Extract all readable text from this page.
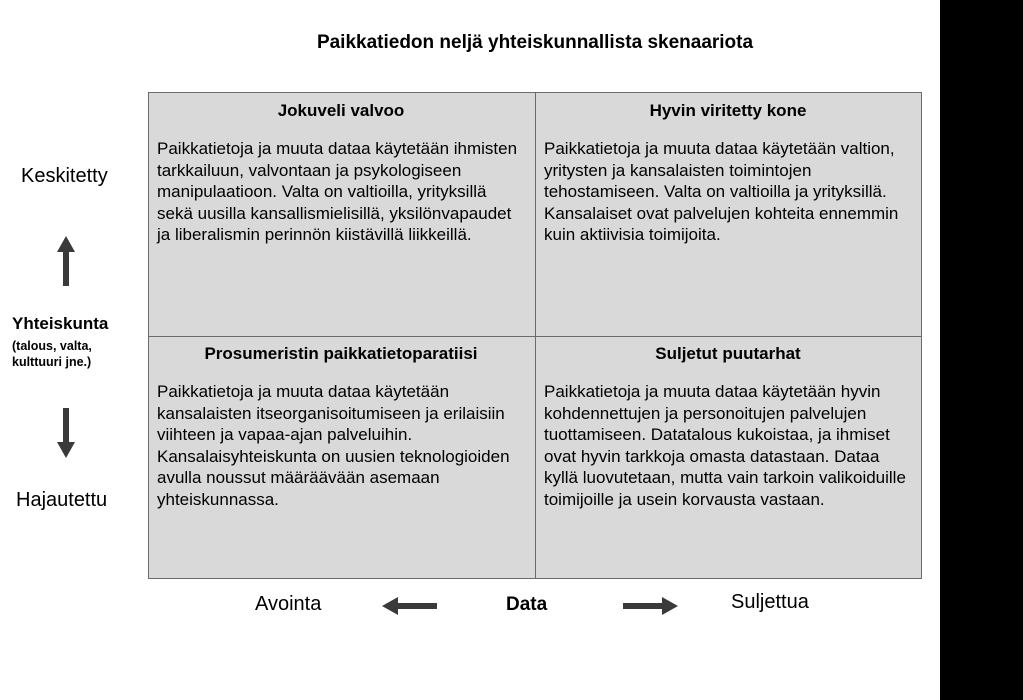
Paikkatiedon neljä yhteiskunnallista skenaariota
Jokuveli valvoo
Paikkatietoja ja muuta dataa käytetään ihmisten tarkkailuun, valvontaan ja psykologiseen manipulaatioon. Valta on valtioilla, yrityksillä sekä uusilla kansallismielisillä, yksilönvapaudet ja liberalismin perinnön kiistävillä liikkeillä.
Hyvin viritetty kone
Paikkatietoja ja muuta dataa käytetään valtion, yritysten ja kansalaisten toimintojen tehostamiseen. Valta on valtioilla ja yrityksillä. Kansalaiset ovat palvelujen kohteita ennemmin kuin aktiivisia toimijoita.
Prosumeristin paikkatietoparatiisi
Paikkatietoja ja muuta dataa käytetään kansalaisten itseorganisoitumiseen ja erilaisiin viihteen ja vapaa-ajan palveluihin. Kansalaisyhteiskunta on uusien teknologioiden avulla noussut määräävään asemaan yhteiskunnassa.
Suljetut puutarhat
Paikkatietoja ja muuta dataa käytetään hyvin kohdennettujen ja personoitujen palvelujen tuottamiseen. Datatalous kukoistaa, ja ihmiset ovat hyvin tarkkoja omasta datastaan. Dataa kyllä luovutetaan, mutta vain tarkoin valikoiduille toimijoille ja usein korvausta vastaan.
Keskitetty
Yhteiskunta
(talous, valta, kulttuuri jne.)
Hajautettu
Avointa	Data	Suljettua
